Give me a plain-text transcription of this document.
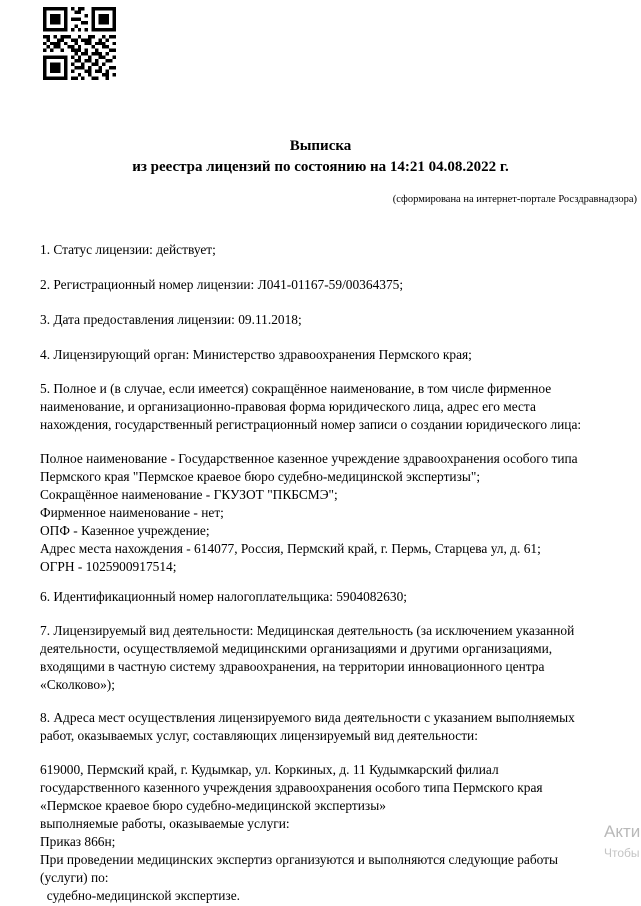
Выписка
из реестра лицензий по состоянию на 14:21 04.08.2022 г.
(сформирована на интернет-портале Росздравнадзора)
1. Статус лицензии: действует;
2. Регистрационный номер лицензии: Л041-01167-59/00364375;
3. Дата предоставления лицензии: 09.11.2018;
4. Лицензирующий орган: Министерство здравоохранения Пермского края;
5. Полное и (в случае, если имеется) сокращённое наименование, в том числе фирменное
наименование, и организационно-правовая форма юридического лица, адрес его места
нахождения, государственный регистрационный номер записи о создании юридического лица:
Полное наименование - Государственное казенное учреждение здравоохранения особого типа
Пермского края "Пермское краевое бюро судебно-медицинской экспертизы";
Сокращённое наименование - ГКУЗОТ "ПКБСМЭ";
Фирменное наименование - нет;
ОПФ - Казенное учреждение;
Адрес места нахождения - 614077, Россия, Пермский край, г. Пермь, Старцева ул, д. 61;
ОГРН - 1025900917514;
6. Идентификационный номер налогоплательщика: 5904082630;
7. Лицензируемый вид деятельности: Медицинская деятельность (за исключением указанной
деятельности, осуществляемой медицинскими организациями и другими организациями,
входящими в частную систему здравоохранения, на территории инновационного центра
«Сколково»);
8. Адреса мест осуществления лицензируемого вида деятельности с указанием выполняемых
работ, оказываемых услуг, составляющих лицензируемый вид деятельности:
619000, Пермский край, г. Кудымкар, ул. Коркиных, д. 11 Кудымкарский филиал
государственного казенного учреждения здравоохранения особого типа Пермского края
«Пермское краевое бюро судебно-медицинской экспертизы»
выполняемые работы, оказываемые услуги:
Приказ 866н;
При проведении медицинских экспертиз организуются и выполняются следующие работы
(услуги) по:
судебно-медицинской экспертизе.
Акти
Чтобы
